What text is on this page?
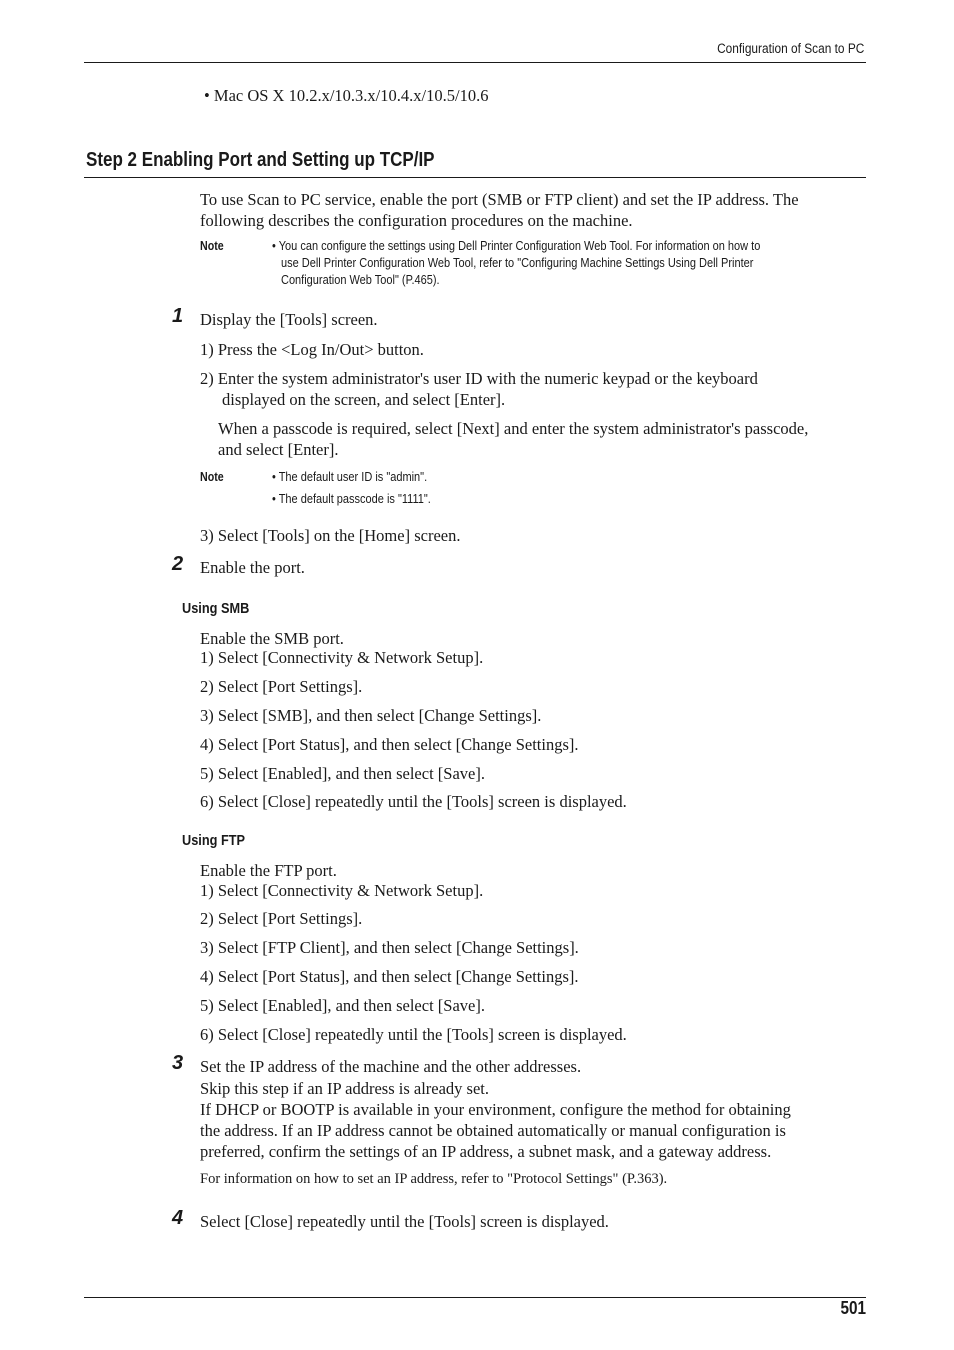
Configuration of Scan to PC
• Mac OS X 10.2.x/10.3.x/10.4.x/10.5/10.6
Step 2 Enabling Port and Setting up TCP/IP
To use Scan to PC service, enable the port (SMB or FTP client) and set the IP address. The
following describes the configuration procedures on the machine.
Note	• You can configure the settings using Dell Printer Configuration Web Tool. For information on how to
use Dell Printer Configuration Web Tool, refer to "Configuring Machine Settings Using Dell Printer
Configuration Web Tool" (P.465).
1 Display the [Tools] screen.
1) Press the <Log In/Out> button.
2) Enter the system administrator's user ID with the numeric keypad or the keyboard
displayed on the screen, and select [Enter].
When a passcode is required, select [Next] and enter the system administrator's passcode,
and select [Enter].
Note	• The default user ID is "admin".
• The default passcode is "1111".
3) Select [Tools] on the [Home] screen.
2 Enable the port.
Using SMB
Enable the SMB port.
1) Select [Connectivity & Network Setup].
2) Select [Port Settings].
3) Select [SMB], and then select [Change Settings].
4) Select [Port Status], and then select [Change Settings].
5) Select [Enabled], and then select [Save].
6) Select [Close] repeatedly until the [Tools] screen is displayed.
Using FTP
Enable the FTP port.
1) Select [Connectivity & Network Setup].
2) Select [Port Settings].
3) Select [FTP Client], and then select [Change Settings].
4) Select [Port Status], and then select [Change Settings].
5) Select [Enabled], and then select [Save].
6) Select [Close] repeatedly until the [Tools] screen is displayed.
3 Set the IP address of the machine and the other addresses.
Skip this step if an IP address is already set.
If DHCP or BOOTP is available in your environment, configure the method for obtaining
the address. If an IP address cannot be obtained automatically or manual configuration is
preferred, confirm the settings of an IP address, a subnet mask, and a gateway address.
For information on how to set an IP address, refer to "Protocol Settings" (P.363).
4 Select [Close] repeatedly until the [Tools] screen is displayed.
501
